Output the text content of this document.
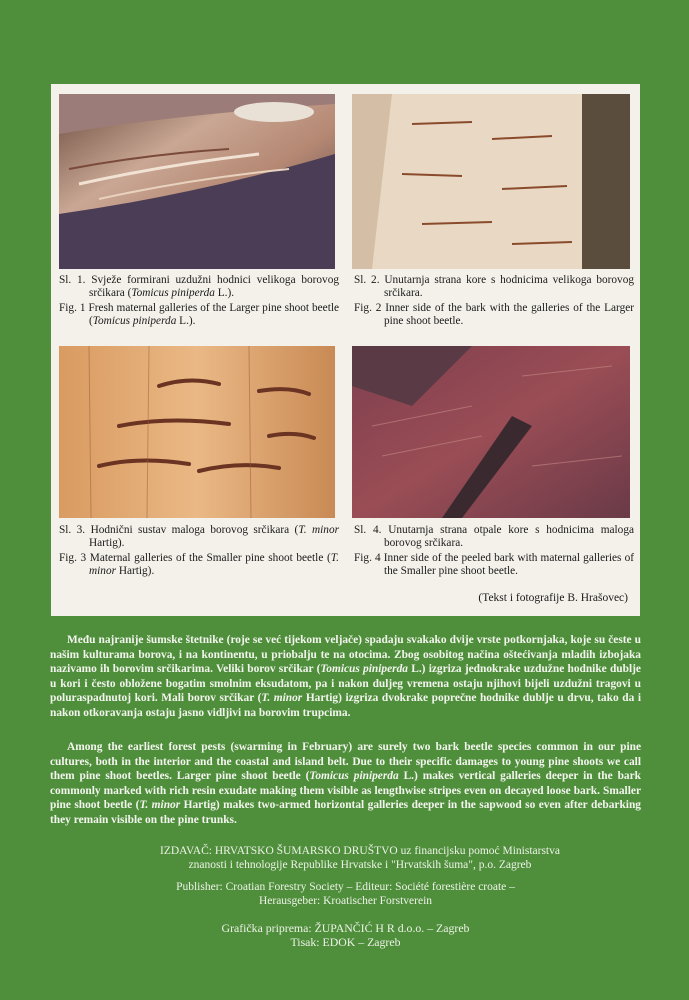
Sl. 1. Svježe formirani uzdužni hodnici velikoga borovog srčikara (Tomicus piniperda L.).

Fig. 1 Fresh maternal galleries of the Larger pine shoot beetle (Tomicus piniperda L.).

Sl. 2. Unutarnja strana kore s hodnicima velikoga borovog srčikara.

Fig. 2 Inner side of the bark with the galleries of the Larger pine shoot beetle.

Sl. 3. Hodnični sustav maloga borovog srčikara (T. minor Hartig).

Fig. 3 Maternal galleries of the Smaller pine shoot beetle (T. minor Hartig).

Sl. 4. Unutarnja strana otpale kore s hodnicima maloga borovog srčikara.

Fig. 4 Inner side of the peeled bark with maternal galleries of the Smaller pine shoot beetle.

(Tekst i fotografije B. Hrašovec)

Među najranije šumske štetnike (roje se već tijekom veljače) spadaju svakako dvije vrste potkornjaka, koje su česte u našim kulturama borova, i na kontinentu, u priobalju te na otocima. Zbog osobitog načina oštećivanja mladih izbojaka nazivamo ih borovim srčikarima. Veliki borov srčikar (Tomicus piniperda L.) izgriza jednokrake uzdužne hodnike dublje u kori i često obložene bogatim smolnim eksudatom, pa i nakon duljeg vremena ostaju njihovi bijeli uzdužni tragovi u poluraspadnutoj kori. Mali borov srčikar (T. minor Hartig) izgriza dvokrake poprečne hodnike dublje u drvu, tako da i nakon otkoravanja ostaju jasno vidljivi na borovim trupcima.

Among the earliest forest pests (swarming in February) are surely two bark beetle species common in our pine cultures, both in the interior and the coastal and island belt. Due to their specific damages to young pine shoots we call them pine shoot beetles. Larger pine shoot beetle (Tomicus piniperda L.) makes vertical galleries deeper in the bark commonly marked with rich resin exudate making them visible as lengthwise stripes even on decayed loose bark. Smaller pine shoot beetle (T. minor Hartig) makes two-armed horizontal galleries deeper in the sapwood so even after debarking they remain visible on the pine trunks.

IZDAVAČ: HRVATSKO ŠUMARSKO DRUŠTVO uz financijsku pomoć Ministarstva
znanosti i tehnologije Republike Hrvatske i "Hrvatskih šuma", p.o. Zagreb

Publisher: Croatian Forestry Society – Editeur: Société forestière croate –
Herausgeber: Kroatischer Forstverein

Grafička priprema: ŽUPANČIĆ H R d.o.o. – Zagreb
Tisak: EDOK – Zagreb
